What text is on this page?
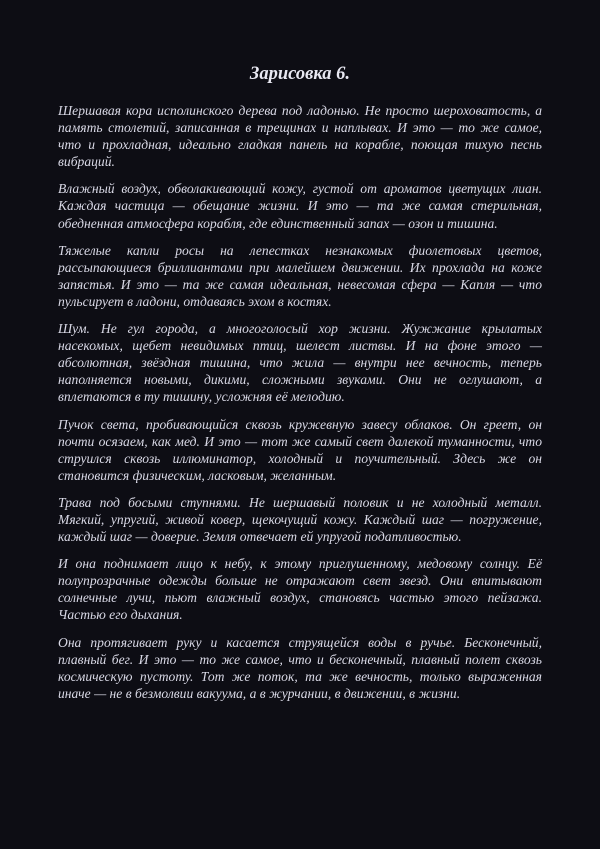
Зарисовка 6.

Шершавая кора исполинского дерева под ладонью. Не просто шероховатость, а память столетий, записанная в трещинах и наплывах. И это — то же самое, что и прохладная, идеально гладкая панель на корабле, поющая тихую песнь вибраций.

Влажный воздух, обволакивающий кожу, густой от ароматов цветущих лиан. Каждая частица — обещание жизни. И это — та же самая стерильная, обедненная атмосфера корабля, где единственный запах — озон и тишина.

Тяжелые капли росы на лепестках незнакомых фиолетовых цветов, рассыпающиеся бриллиантами при малейшем движении. Их прохлада на коже запястья. И это — та же самая идеальная, невесомая сфера — Капля — что пульсирует в ладони, отдаваясь эхом в костях.

Шум. Не гул города, а многоголосый хор жизни. Жужжание крылатых насекомых, щебет невидимых птиц, шелест листвы. И на фоне этого — абсолютная, звёздная тишина, что жила — внутри нее вечность, теперь наполняется новыми, дикими, сложными звуками. Они не оглушают, а вплетаются в ту тишину, усложняя её мелодию.

Пучок света, пробивающийся сквозь кружевную завесу облаков. Он греет, он почти осязаем, как мед. И это — тот же самый свет далекой туманности, что струился сквозь иллюминатор, холодный и поучительный. Здесь же он становится физическим, ласковым, желанным.

Трава под босыми ступнями. Не шершавый половик и не холодный металл. Мягкий, упругий, живой ковер, щекочущий кожу. Каждый шаг — погружение, каждый шаг — доверие. Земля отвечает ей упругой податливостью.

И она поднимает лицо к небу, к этому приглушенному, медовому солнцу. Её полупрозрачные одежды больше не отражают свет звезд. Они впитывают солнечные лучи, пьют влажный воздух, становясь частью этого пейзажа. Частью его дыхания.

Она протягивает руку и касается струящейся воды в ручье. Бесконечный, плавный бег. И это — то же самое, что и бесконечный, плавный полет сквозь космическую пустоту. Тот же поток, та же вечность, только выраженная иначе — не в безмолвии вакуума, а в журчании, в движении, в жизни.
